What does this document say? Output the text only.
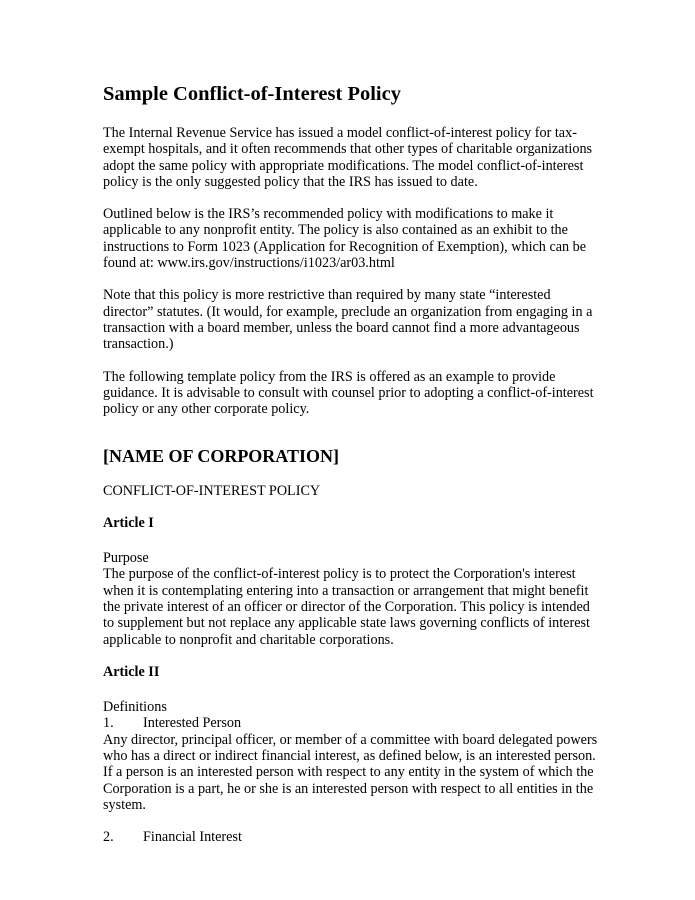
Sample Conflict-of-Interest Policy

The Internal Revenue Service has issued a model conflict-of-interest policy for tax-exempt hospitals, and it often recommends that other types of charitable organizations adopt the same policy with appropriate modifications. The model conflict-of-interest policy is the only suggested policy that the IRS has issued to date.

Outlined below is the IRS’s recommended policy with modifications to make it applicable to any nonprofit entity. The policy is also contained as an exhibit to the instructions to Form 1023 (Application for Recognition of Exemption), which can be found at: www.irs.gov/instructions/i1023/ar03.html

Note that this policy is more restrictive than required by many state “interested director” statutes. (It would, for example, preclude an organization from engaging in a transaction with a board member, unless the board cannot find a more advantageous transaction.)

The following template policy from the IRS is offered as an example to provide guidance. It is advisable to consult with counsel prior to adopting a conflict-of-interest policy or any other corporate policy.

[NAME OF CORPORATION]
CONFLICT-OF-INTEREST POLICY
Article I
Purpose
The purpose of the conflict-of-interest policy is to protect the Corporation's interest when it is contemplating entering into a transaction or arrangement that might benefit the private interest of an officer or director of the Corporation. This policy is intended to supplement but not replace any applicable state laws governing conflicts of interest applicable to nonprofit and charitable corporations.
Article II
Definitions
1.	Interested Person
Any director, principal officer, or member of a committee with board delegated powers who has a direct or indirect financial interest, as defined below, is an interested person. If a person is an interested person with respect to any entity in the system of which the Corporation is a part, he or she is an interested person with respect to all entities in the system.
2.	Financial Interest
